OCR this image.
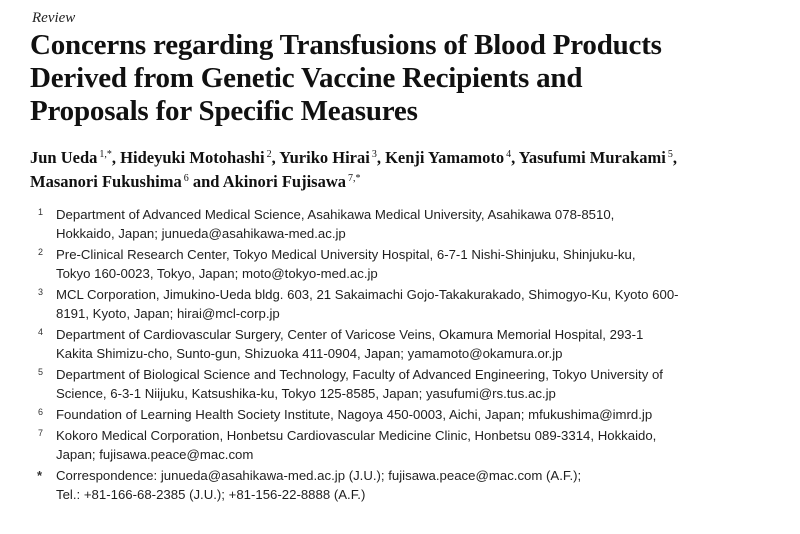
Review
Concerns regarding Transfusions of Blood Products
Derived from Genetic Vaccine Recipients and
Proposals for Specific Measures
Jun Ueda $^{1,*}$, Hideyuki Motohashi $^2$, Yuriko Hirai $^3$, Kenji Yamamoto $^4$, Yasufumi Murakami $^5$,
Masanori Fukushima $^6$ and Akinori Fujisawa $^{7,*}$
1 Department of Advanced Medical Science, Asahikawa Medical University, Asahikawa 078-8510,
Hokkaido, Japan; junueda@asahikawa-med.ac.jp
2 Pre-Clinical Research Center, Tokyo Medical University Hospital, 6-7-1 Nishi-Shinjuku, Shinjuku-ku,
Tokyo 160-0023, Tokyo, Japan; moto@tokyo-med.ac.jp
3 MCL Corporation, Jimukino-Ueda bldg. 603, 21 Sakaimachi Gojo-Takakurakado, Shimogyo-Ku, Kyoto 600-
8191, Kyoto, Japan; hirai@mcl-corp.jp
4 Department of Cardiovascular Surgery, Center of Varicose Veins, Okamura Memorial Hospital, 293-1
Kakita Shimizu-cho, Sunto-gun, Shizuoka 411-0904, Japan; yamamoto@okamura.or.jp
5 Department of Biological Science and Technology, Faculty of Advanced Engineering, Tokyo University of
Science, 6-3-1 Niijuku, Katsushika-ku, Tokyo 125-8585, Japan; yasufumi@rs.tus.ac.jp
6 Foundation of Learning Health Society Institute, Nagoya 450-0003, Aichi, Japan; mfukushima@imrd.jp
7 Kokoro Medical Corporation, Honbetsu Cardiovascular Medicine Clinic, Honbetsu 089-3314, Hokkaido,
Japan; fujisawa.peace@mac.com
* Correspondence: junueda@asahikawa-med.ac.jp (J.U.); fujisawa.peace@mac.com (A.F.);
Tel.: +81-166-68-2385 (J.U.); +81-156-22-8888 (A.F.)
